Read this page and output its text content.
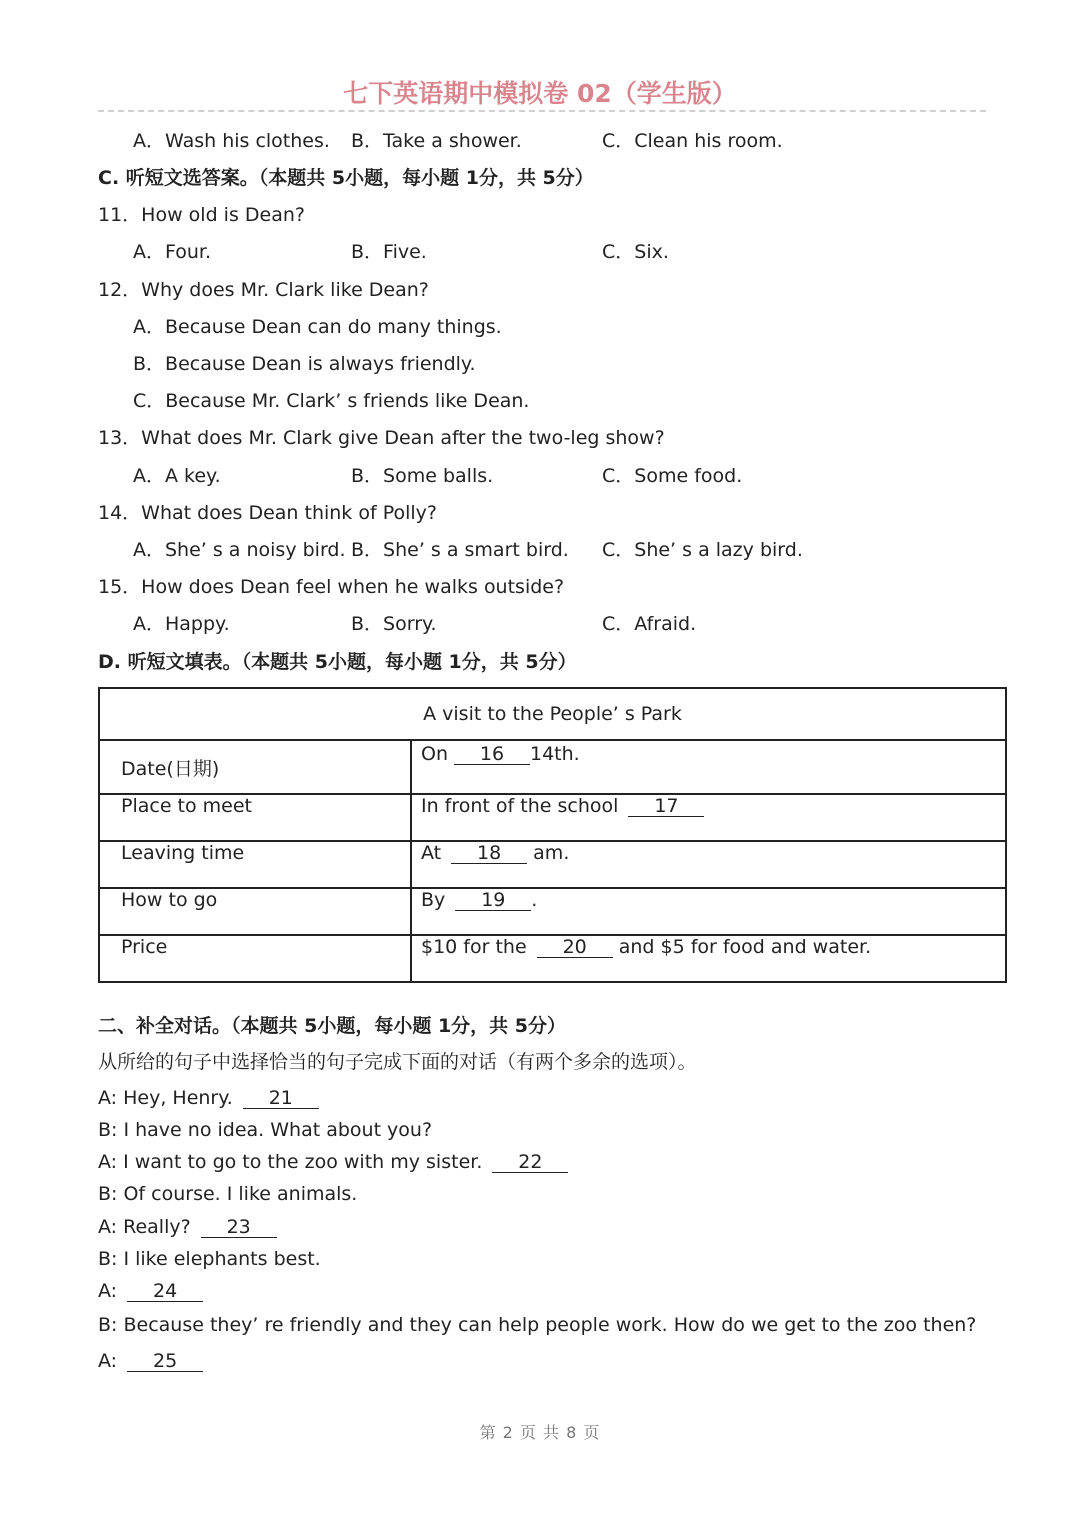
七下英语期中模拟卷 02（学生版）
A．Wash his clothes. B．Take a shower.	C．Clean his room.
C. 听短文选答案。（本题共 5小题，每小题 1分，共 5分）
11．How old is Dean?
A．Four.	B．Five.	C．Six.
12．Why does Mr. Clark like Dean?
A．Because Dean can do many things.
B．Because Dean is always friendly.
C．Because Mr. Clark’ s friends like Dean.
13．What does Mr. Clark give Dean after the two-leg show?
A．A key.	B．Some balls.	C．Some food.
14．What does Dean think of Polly?
A．She’ s a noisy bird. B．She’ s a smart bird. C．She’ s a lazy bird.
15．How does Dean feel when he walks outside?
A．Happy.	B．Sorry.	C．Afraid.
D. 听短文填表。（本题共 5小题，每小题 1分，共 5分）
A visit to the People’ s Park	
Date(日期)	On 16 14th.
Place to meet	In front of the school 17
Leaving time	At 18 am.
How to go	By 19 .
Price	$10 for the 20 and $5 for food and water.
二、补全对话。（本题共 5小题，每小题 1分，共 5分）
从所给的句子中选择恰当的句子完成下面的对话（有两个多余的选项）。
A: Hey, Henry. 21
B: I have no idea. What about you?
A: I want to go to the zoo with my sister. 22
B: Of course. I like animals.
A: Really? 23
B: I like elephants best.
A: 24
B: Because they’ re friendly and they can help people work. How do we get to the zoo then?
A: 25
第 2 页 共 8 页
